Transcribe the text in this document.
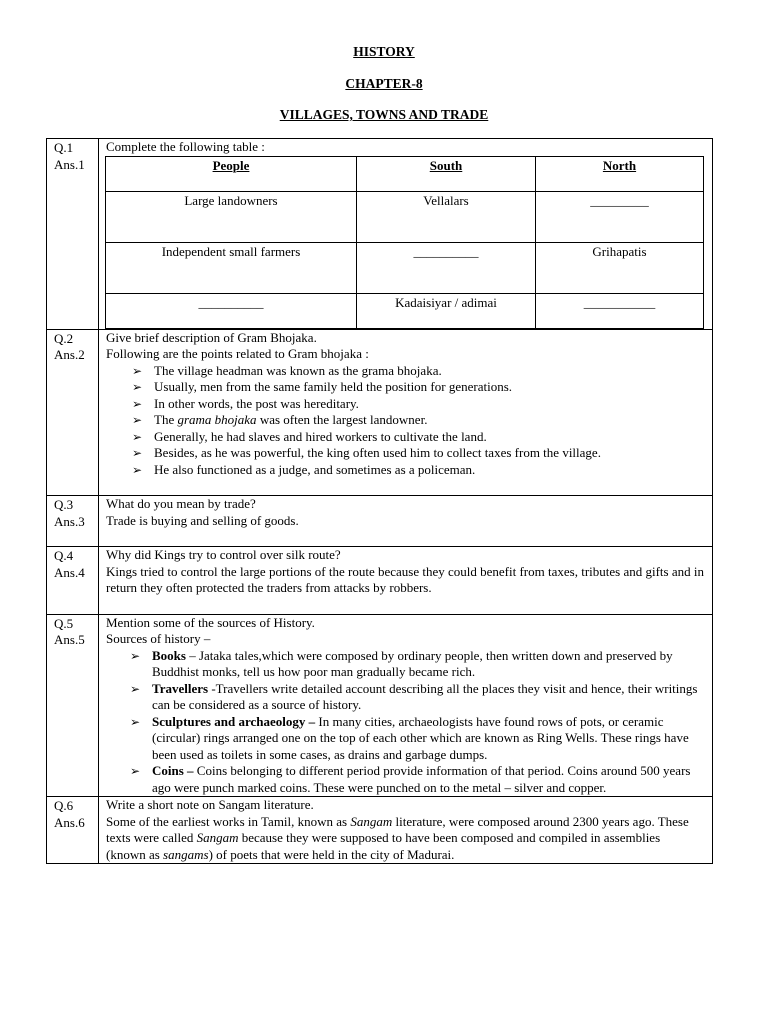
HISTORY
CHAPTER-8
VILLAGES, TOWNS AND TRADE
Q.1
Ans.1

Complete the following table :
People	South	North
Large landowners	Vellalars	_________
Independent small farmers	__________	Grihapatis
__________	Kadaisiyar / adimai	___________

Q.2
Ans.2

Give brief description of Gram Bhojaka.
Following are the points related to Gram bhojaka :
➢ The village headman was known as the grama bhojaka.
➢ Usually, men from the same family held the position for generations.
➢ In other words, the post was hereditary.
➢ The grama bhojaka was often the largest landowner.
➢ Generally, he had slaves and hired workers to cultivate the land.
➢ Besides, as he was powerful, the king often used him to collect taxes from the village.
➢ He also functioned as a judge, and sometimes as a policeman.

Q.3
Ans.3

What do you mean by trade?
Trade is buying and selling of goods.

Q.4
Ans.4

Why did Kings try to control over silk route?
Kings tried to control the large portions of the route because they could benefit from taxes, tributes and gifts and in return they often protected the traders from attacks by robbers.

Q.5
Ans.5

Mention some of the sources of History.
Sources of history –
➢ Books – Jataka tales,which were composed by ordinary people, then written down and preserved by Buddhist monks, tell us how poor man gradually became rich.
➢ Travellers -Travellers write detailed account describing all the places they visit and hence, their writings can be considered as a source of history.
➢ Sculptures and archaeology – In many cities, archaeologists have found rows of pots, or ceramic (circular) rings arranged one on the top of each other which are known as Ring Wells. These rings have been used as toilets in some cases, as drains and garbage dumps.
➢ Coins – Coins belonging to different period provide information of that period. Coins around 500 years ago were punch marked coins. These were punched on to the metal – silver and copper.

Q.6
Ans.6

Write a short note on Sangam literature.
Some of the earliest works in Tamil, known as Sangam literature, were composed around 2300 years ago. These texts were called Sangam because they were supposed to have been composed and compiled in assemblies (known as sangams) of poets that were held in the city of Madurai.
